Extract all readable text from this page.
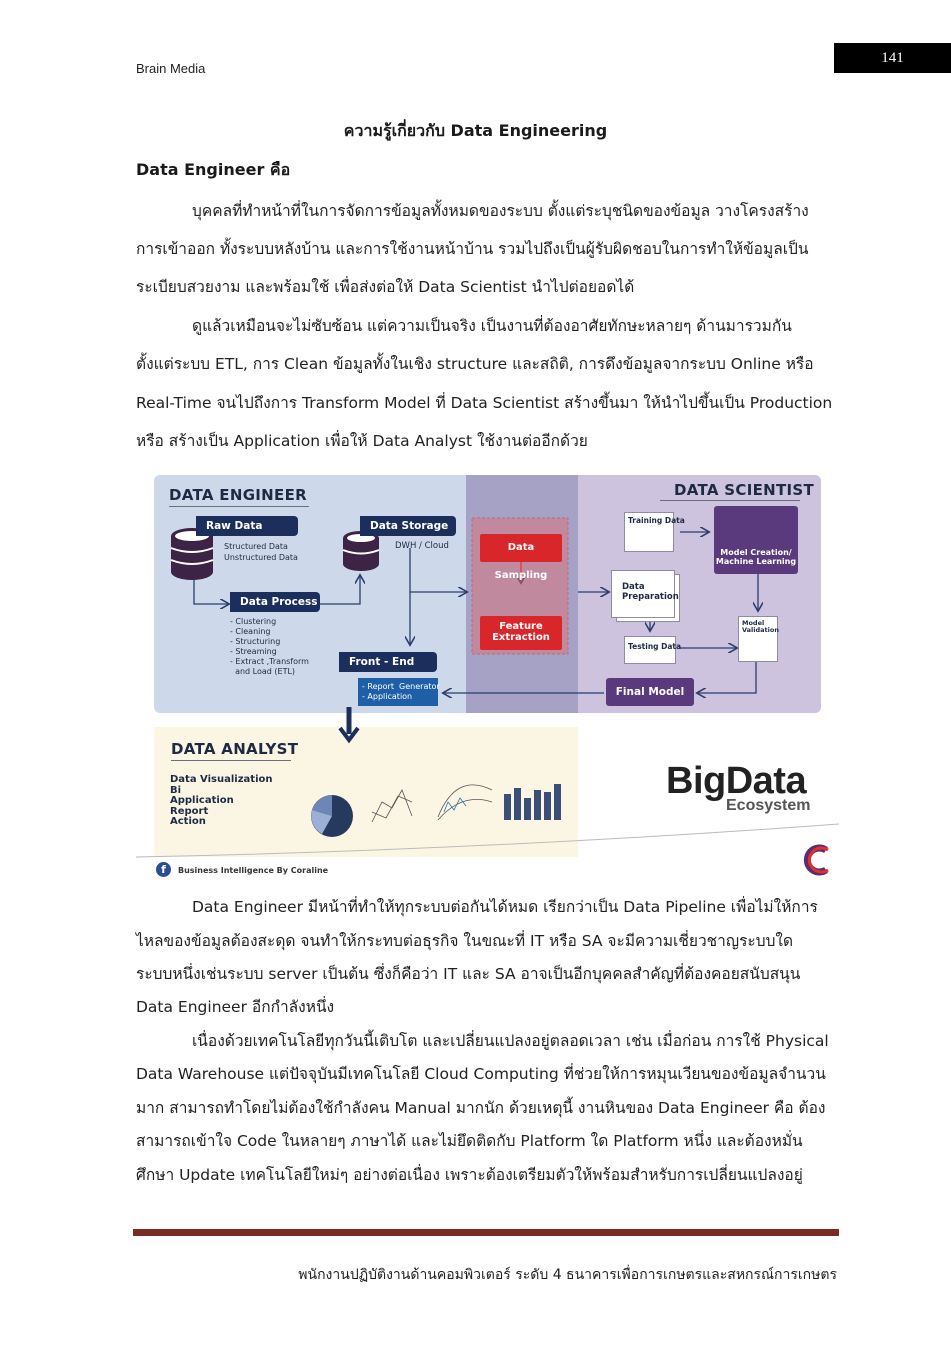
Brain Media
141
ความรู้เกี่ยวกับ Data Engineering
Data Engineer คือ
บุคคลที่ทำหน้าที่ในการจัดการข้อมูลทั้งหมดของระบบ ตั้งแต่ระบุชนิดของข้อมูล วางโครงสร้าง
การเข้าออก ทั้งระบบหลังบ้าน และการใช้งานหน้าบ้าน รวมไปถึงเป็นผู้รับผิดชอบในการทำให้ข้อมูลเป็น
ระเบียบสวยงาม และพร้อมใช้ เพื่อส่งต่อให้ Data Scientist นำไปต่อยอดได้
ดูแล้วเหมือนจะไม่ซับซ้อน แต่ความเป็นจริง เป็นงานที่ต้องอาศัยทักษะหลายๆ ด้านมารวมกัน
ตั้งแต่ระบบ ETL, การ Clean ข้อมูลทั้งในเชิง structure และสถิติ, การดึงข้อมูลจากระบบ Online หรือ
Real-Time จนไปถึงการ Transform Model ที่ Data Scientist สร้างขึ้นมา ให้นำไปขึ้นเป็น Production
หรือ สร้างเป็น Application เพื่อให้ Data Analyst ใช้งานต่ออีกด้วย
DATA ENGINEER	DATA SCIENTIST
DATA ANALYST
Raw Data
Structured Data
Unstructured Data
Data Storage
DWH / Cloud
Data Process
- Clustering
- Cleaning
- Structuring
- Streaming
- Extract ,Transform
and Load (ETL)
Front - End
- Report  Generator
- Application
Data Sampling
Feature
Extraction
Training Data
Model Creation/
Machine Learning
Data
Preparation
Model
Validation
Testing Data
Final Model
Data Visualization
Bi
Application
Report
Action
BigData
Ecosystem
f	Business Intelligence By Coraline
Data Engineer มีหน้าที่ทำให้ทุกระบบต่อกันได้หมด เรียกว่าเป็น Data Pipeline เพื่อไม่ให้การ
ไหลของข้อมูลต้องสะดุด จนทำให้กระทบต่อธุรกิจ ในขณะที่ IT หรือ SA จะมีความเชี่ยวชาญระบบใด
ระบบหนึ่งเช่นระบบ server เป็นต้น ซึ่งก็คือว่า IT และ SA อาจเป็นอีกบุคคลสำคัญที่ต้องคอยสนับสนุน
Data Engineer อีกกำลังหนึ่ง
เนื่องด้วยเทคโนโลยีทุกวันนี้เติบโต และเปลี่ยนแปลงอยู่ตลอดเวลา เช่น เมื่อก่อน การใช้ Physical
Data Warehouse แต่ปัจจุบันมีเทคโนโลยี Cloud Computing ที่ช่วยให้การหมุนเวียนของข้อมูลจำนวน
มาก สามารถทำโดยไม่ต้องใช้กำลังคน Manual มากนัก ด้วยเหตุนี้ งานหินของ Data Engineer คือ ต้อง
สามารถเข้าใจ Code ในหลายๆ ภาษาได้ และไม่ยึดติดกับ Platform ใด Platform หนึ่ง และต้องหมั่น
ศึกษา Update เทคโนโลยีใหม่ๆ อย่างต่อเนื่อง เพราะต้องเตรียมตัวให้พร้อมสำหรับการเปลี่ยนแปลงอยู่
พนักงานปฏิบัติงานด้านคอมพิวเตอร์ ระดับ 4 ธนาคารเพื่อการเกษตรและสหกรณ์การเกษตร
